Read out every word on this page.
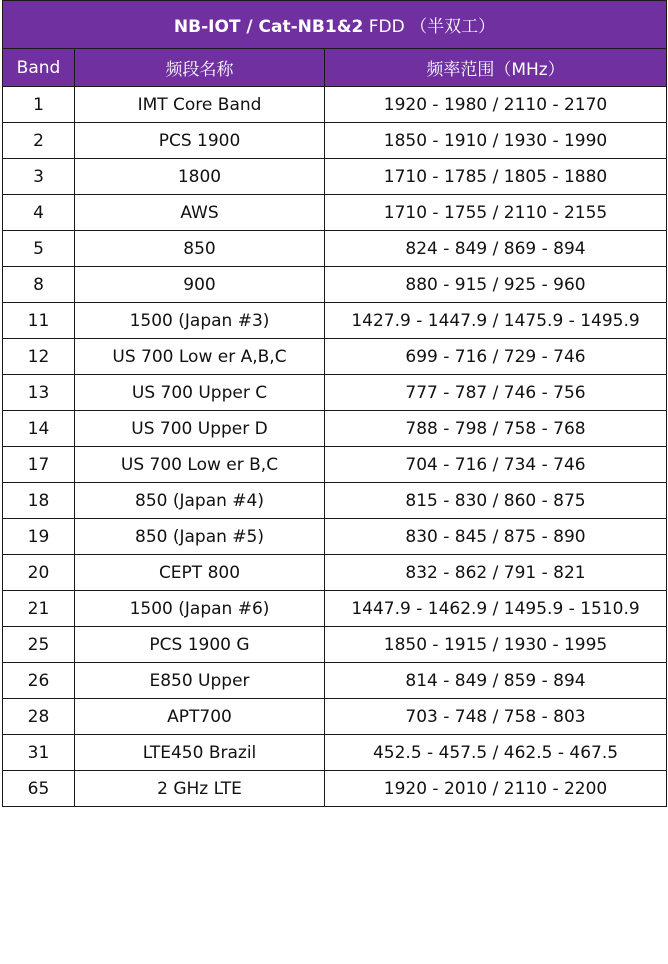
NB-IOT / Cat-NB1&2 FDD （半双工）		
Band	频段名称	频率范围（MHz）
1	IMT Core Band	1920 - 1980 / 2110 - 2170
2	PCS 1900	1850 - 1910 / 1930 - 1990
3	1800	1710 - 1785 / 1805 - 1880
4	AWS	1710 - 1755 / 2110 - 2155
5	850	824 - 849 / 869 - 894
8	900	880 - 915 / 925 - 960
11	1500 (Japan #3)	1427.9 - 1447.9 / 1475.9 - 1495.9
12	US 700 Low er A,B,C	699 - 716 / 729 - 746
13	US 700 Upper C	777 - 787 / 746 - 756
14	US 700 Upper D	788 - 798 / 758 - 768
17	US 700 Low er B,C	704 - 716 / 734 - 746
18	850 (Japan #4)	815 - 830 / 860 - 875
19	850 (Japan #5)	830 - 845 / 875 - 890
20	CEPT 800	832 - 862 / 791 - 821
21	1500 (Japan #6)	1447.9 - 1462.9 / 1495.9 - 1510.9
25	PCS 1900 G	1850 - 1915 / 1930 - 1995
26	E850 Upper	814 - 849 / 859 - 894
28	APT700	703 - 748 / 758 - 803
31	LTE450 Brazil	452.5 - 457.5 / 462.5 - 467.5
65	2 GHz LTE	1920 - 2010 / 2110 - 2200
